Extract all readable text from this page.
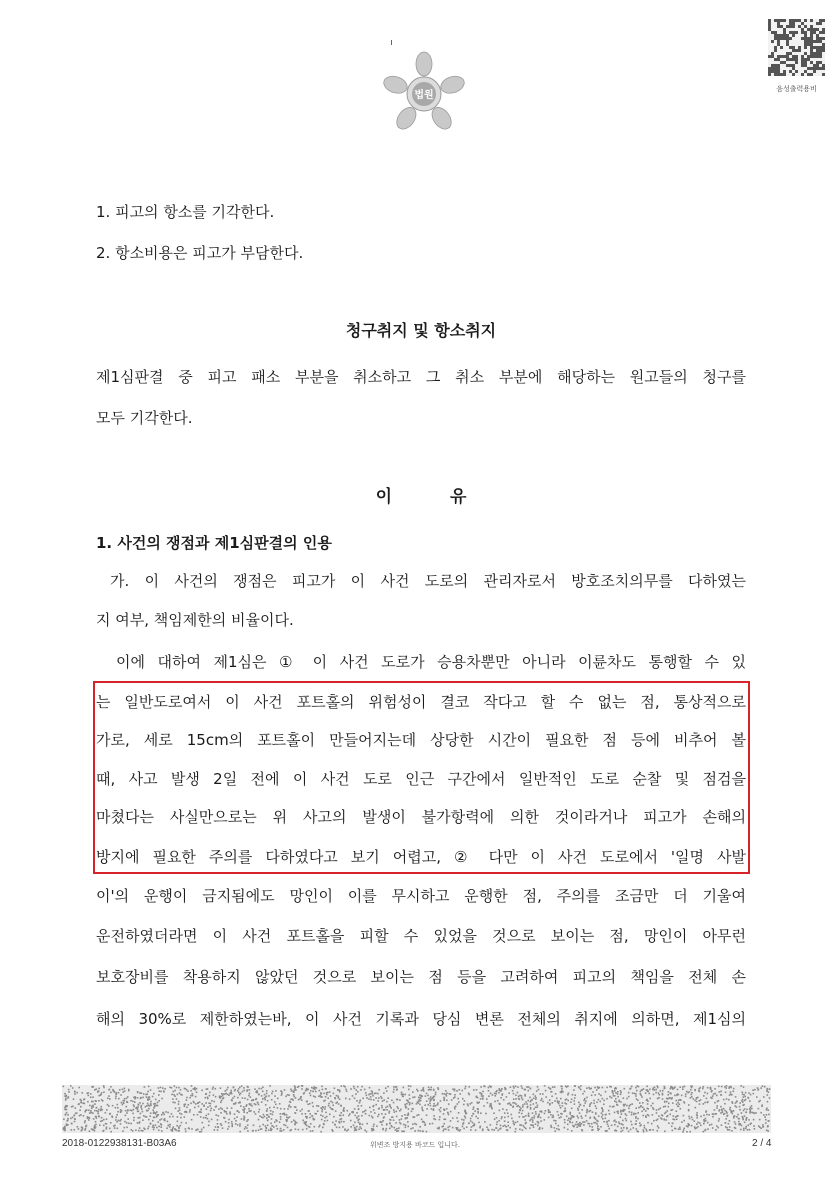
법원
음성출력용비
1. 피고의 항소를 기각한다.
2. 항소비용은 피고가 부담한다.
청구취지 및 항소취지
제1심판결 중 피고 패소 부분을 취소하고 그 취소 부분에 해당하는 원고들의 청구를
모두 기각한다.
이	유
1. 사건의 쟁점과 제1심판결의 인용
가. 이 사건의 쟁점은 피고가 이 사건 도로의 관리자로서 방호조치의무를 다하였는
지 여부, 책임제한의 비율이다.
이에 대하여 제1심은 ① 이 사건 도로가 승용차뿐만 아니라 이륜차도 통행할 수 있
는 일반도로여서 이 사건 포트홀의 위험성이 결코 작다고 할 수 없는 점, 통상적으로
가로, 세로 15cm의 포트홀이 만들어지는데 상당한 시간이 필요한 점 등에 비추어 볼
때, 사고 발생 2일 전에 이 사건 도로 인근 구간에서 일반적인 도로 순찰 및 점검을
마쳤다는 사실만으로는 위 사고의 발생이 불가항력에 의한 것이라거나 피고가 손해의
방지에 필요한 주의를 다하였다고 보기 어렵고, ② 다만 이 사건 도로에서 '일명 사발
이'의 운행이 금지됨에도 망인이 이를 무시하고 운행한 점, 주의를 조금만 더 기울여
운전하였더라면 이 사건 포트홀을 피할 수 있었을 것으로 보이는 점, 망인이 아무런
보호장비를 착용하지 않았던 것으로 보이는 점 등을 고려하여 피고의 책임을 전체 손
해의 30%로 제한하였는바, 이 사건 기록과 당심 변론 전체의 취지에 의하면, 제1심의
2018-0122938131-B03A6	위변조 방지용 바코드 입니다.	2 / 4
